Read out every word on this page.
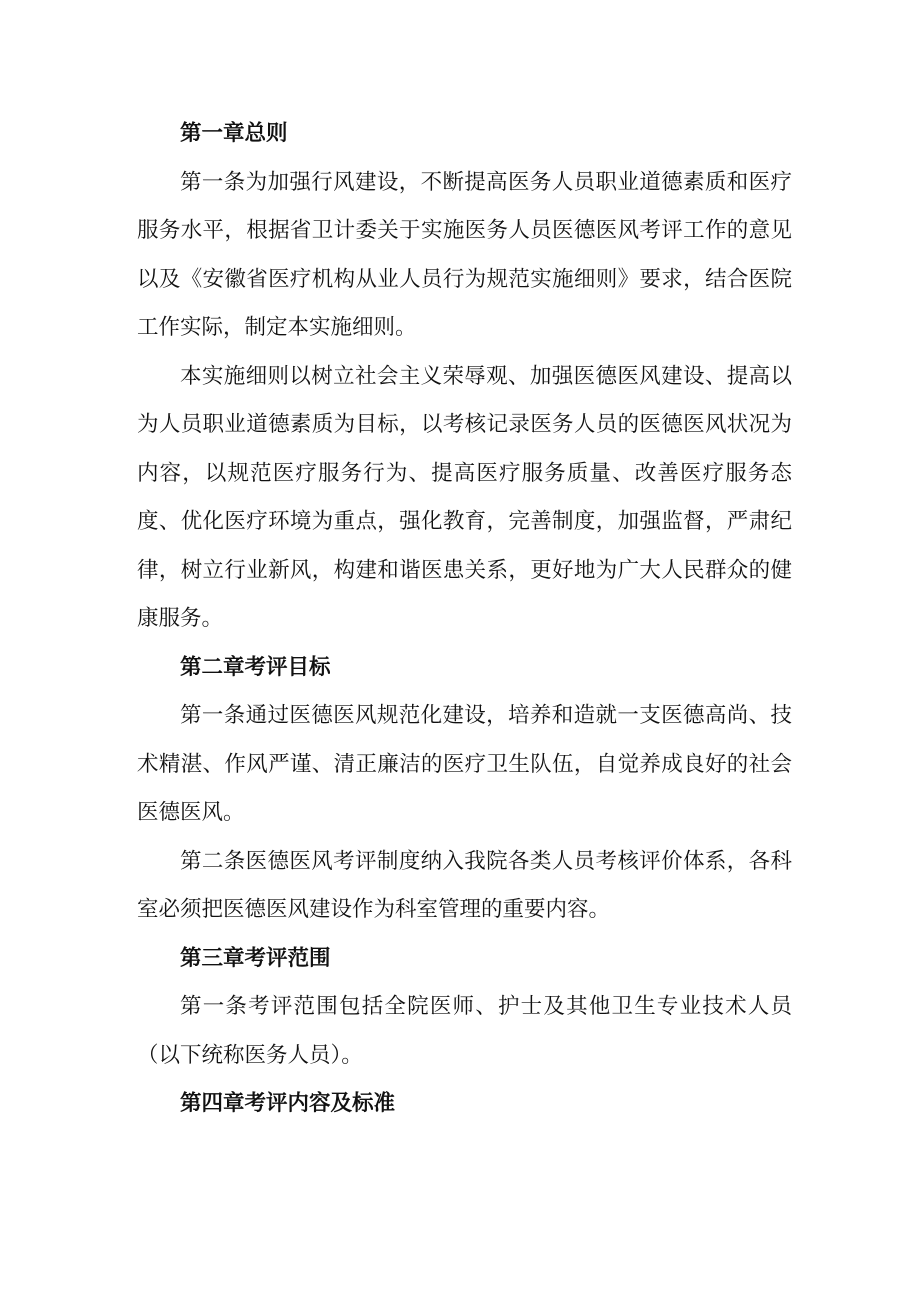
第一章总则

第一条为加强行风建设，不断提高医务人员职业道德素质和医疗服务水平，根据省卫计委关于实施医务人员医德医风考评工作的意见以及《安徽省医疗机构从业人员行为规范实施细则》要求，结合医院工作实际，制定本实施细则。

本实施细则以树立社会主义荣辱观、加强医德医风建设、提高以为人员职业道德素质为目标，以考核记录医务人员的医德医风状况为内容，以规范医疗服务行为、提高医疗服务质量、改善医疗服务态度、优化医疗环境为重点，强化教育，完善制度，加强监督，严肃纪律，树立行业新风，构建和谐医患关系，更好地为广大人民群众的健康服务。

第二章考评目标

第一条通过医德医风规范化建设，培养和造就一支医德高尚、技术精湛、作风严谨、清正廉洁的医疗卫生队伍，自觉养成良好的社会医德医风。

第二条医德医风考评制度纳入我院各类人员考核评价体系，各科室必须把医德医风建设作为科室管理的重要内容。

第三章考评范围

第一条考评范围包括全院医师、护士及其他卫生专业技术人员（以下统称医务人员）。

第四章考评内容及标准
